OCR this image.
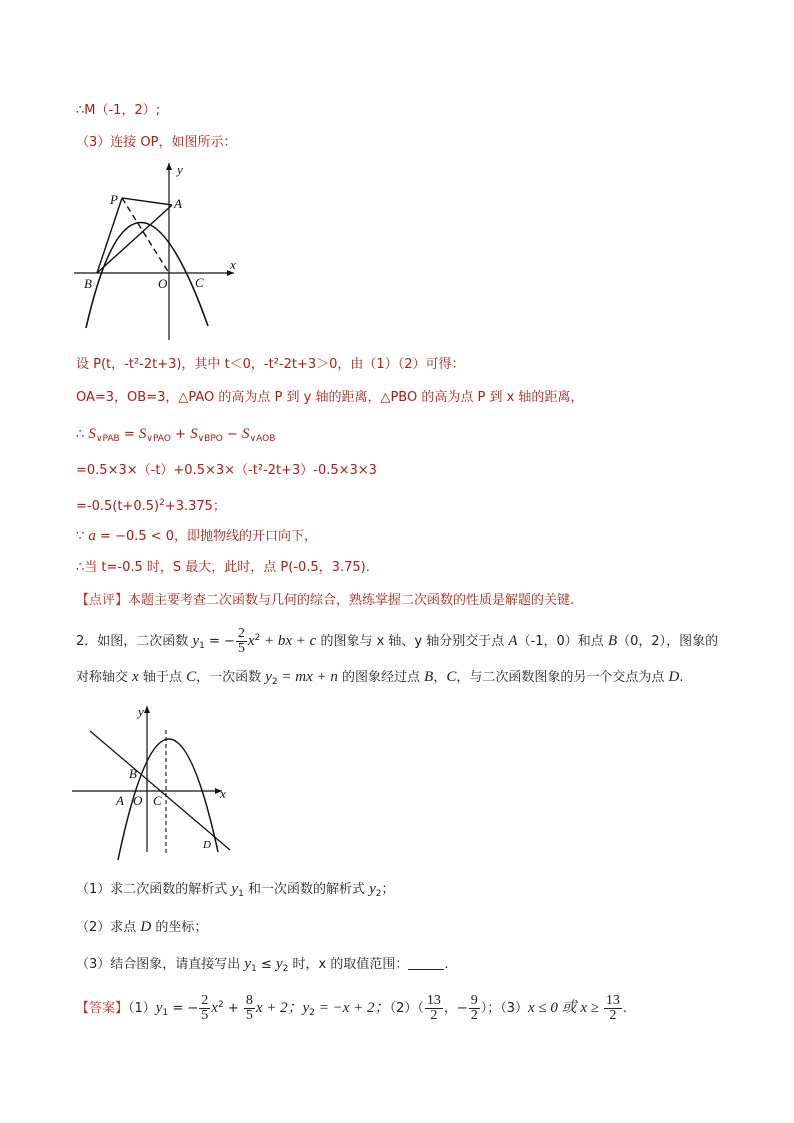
∴M（-1，2）;
（3）连接 OP，如图所示：
y
x
P	A
B	O C
设 P(t，-t²-2t+3)，其中 t＜0，-t²-2t+3＞0，由（1）（2）可得：
OA=3，OB=3，△PAO 的高为点 P 到 y 轴的距离，△PBO 的高为点 P 到 x 轴的距离，
∴ $S_{\vee PAB} = S_{\vee PAO} + S_{\vee BPO} - S_{\vee AOB}$
=0.5×3×（-t）+0.5×3×（-t²-2t+3）-0.5×3×3
$=-0.5(t+0.5)^2+3.375$；
∵ a = −0.5 < 0，即抛物线的开口向下，
∴当 t=-0.5 时，S 最大，此时，点 P(-0.5，3.75).
【点评】本题主要考查二次函数与几何的综合，熟练掌握二次函数的性质是解题的关键.
2．如图，二次函数 $y_1$ = − $\frac{2}{5} x^2$ + bx + c 的图象与 x 轴、y 轴分别交于点 A（-1，0）和点 B（0，2），图象的
对称轴交 x 轴于点 C，一次函数 $y_2$ = mx + n 的图象经过点 B，C，与二次函数图象的另一个交点为点 D.
y
x
B
A O C
D
（1）求二次函数的解析式 $y_1$ 和一次函数的解析式 $y_2$；
（2）求点 D 的坐标；
（3）结合图象，请直接写出 $y_1 \le y_2$ 时，x 的取值范围：	.
【答案】$(1)y_1$ = − $\frac{2}{5} x^2 + \frac{8}{5}$ x + 2；$y_2 = -x + 2$；$(2)( \frac{13}{2}$ ，− $\frac{9}{2}$ ）；（3）x ≤ 0 或 $x \ge \frac{13}{2}$ .
